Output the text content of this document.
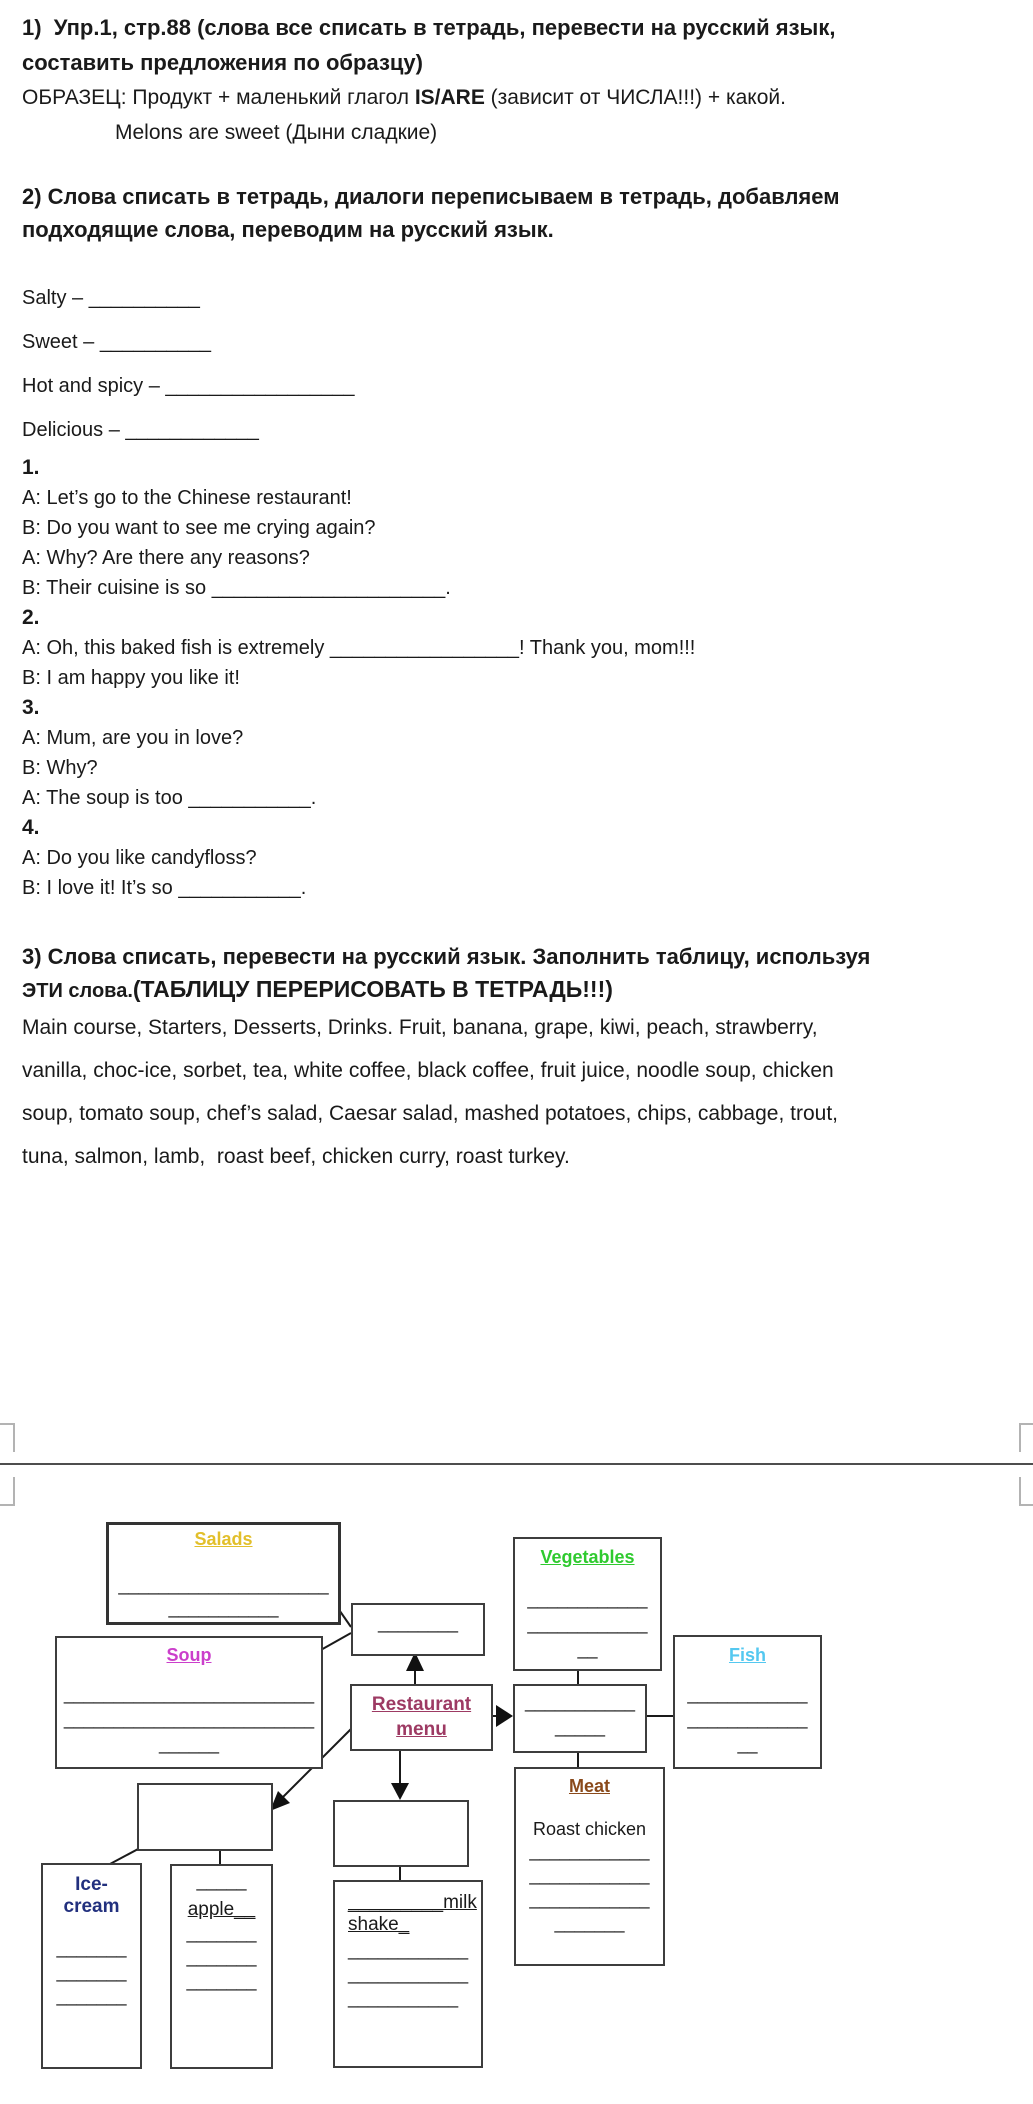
1)  Упр.1, стр.88 (слова все списать в тетрадь, перевести на русский язык,
составить предложения по образцу)
ОБРАЗЕЦ: Продукт + маленький глагол IS/ARE (зависит от ЧИСЛА!!!) + какой.
Melons are sweet (Дыни сладкие)
2) Слова списать в тетрадь, диалоги переписываем в тетрадь, добавляем
подходящие слова, переводим на русский язык.
Salty – __________
Sweet – __________
Hot and spicy – _________________
Delicious – ____________
1.
A: Let’s go to the Chinese restaurant!
B: Do you want to see me crying again?
A: Why? Are there any reasons?
B: Their cuisine is so _____________________.
2.
A: Oh, this baked fish is extremely _________________! Thank you, mom!!!
B: I am happy you like it!
3.
A: Mum, are you in love?
B: Why?
A: The soup is too ___________.
4.
A: Do you like candyfloss?
B: I love it! It’s so ___________.
3) Слова списать, перевести на русский язык. Заполнить таблицу, используя
ЭТИ слова.(ТАБЛИЦУ ПЕРЕРИСОВАТЬ В ТЕТРАДЬ!!!)
Main course, Starters, Desserts, Drinks. Fruit, banana, grape, kiwi, peach, strawberry,
vanilla, choc-ice, sorbet, tea, white coffee, black coffee, fruit juice, noodle soup, chicken
soup, tomato soup, chef’s salad, Caesar salad, mashed potatoes, chips, cabbage, trout,
tuna, salmon, lamb,  roast beef, chicken curry, roast turkey.
Salads
_____________________
___________
Vegetables
____________
____________
__
________
Soup
_________________________
_________________________
______
Fish
____________
____________
__
Restaurant
menu
___________
_____
Meat
Roast chicken
____________
____________
____________
_______
Ice-
cream
_______
_______
_______
_____
apple__
_______
_______
_______
_________milk
shake_
____________
____________
___________
